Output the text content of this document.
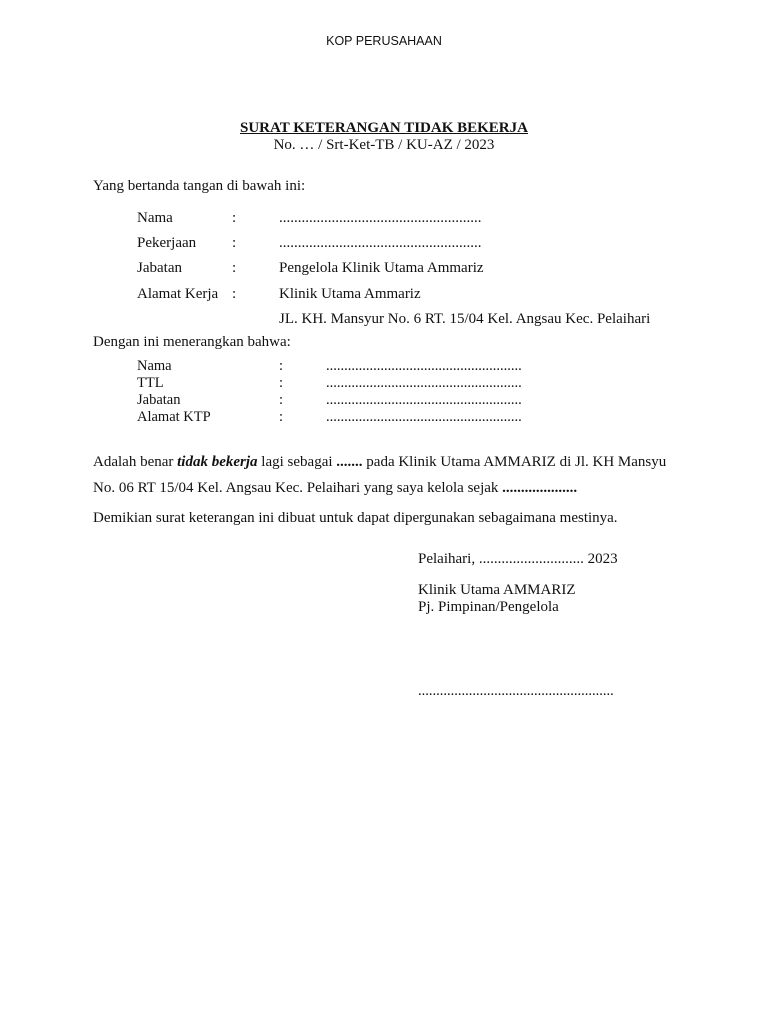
KOP PERUSAHAAN
SURAT KETERANGAN TIDAK BEKERJA
No. … / Srt-Ket-TB / KU-AZ / 2023
Yang bertanda tangan di bawah ini:
Nama	:	......................................................
Pekerjaan :	......................................................
Jabatan	:	Pengelola Klinik Utama Ammariz
Alamat Kerja :	Klinik Utama Ammariz
JL. KH. Mansyur No. 6 RT. 15/04 Kel. Angsau Kec. Pelaihari
Dengan ini menerangkan bahwa:
Nama	:	......................................................
TTL	:	......................................................
Jabatan	:	......................................................
Alamat KTP	:	......................................................
Adalah benar tidak bekerja lagi sebagai ....... pada Klinik Utama AMMARIZ di Jl. KH Mansyu
No. 06 RT 15/04 Kel. Angsau Kec. Pelaihari yang saya kelola sejak ....................
Demikian surat keterangan ini dibuat untuk dapat dipergunakan sebagaimana mestinya.
Pelaihari, ............................ 2023
Klinik Utama AMMARIZ
Pj. Pimpinan/Pengelola
......................................................
